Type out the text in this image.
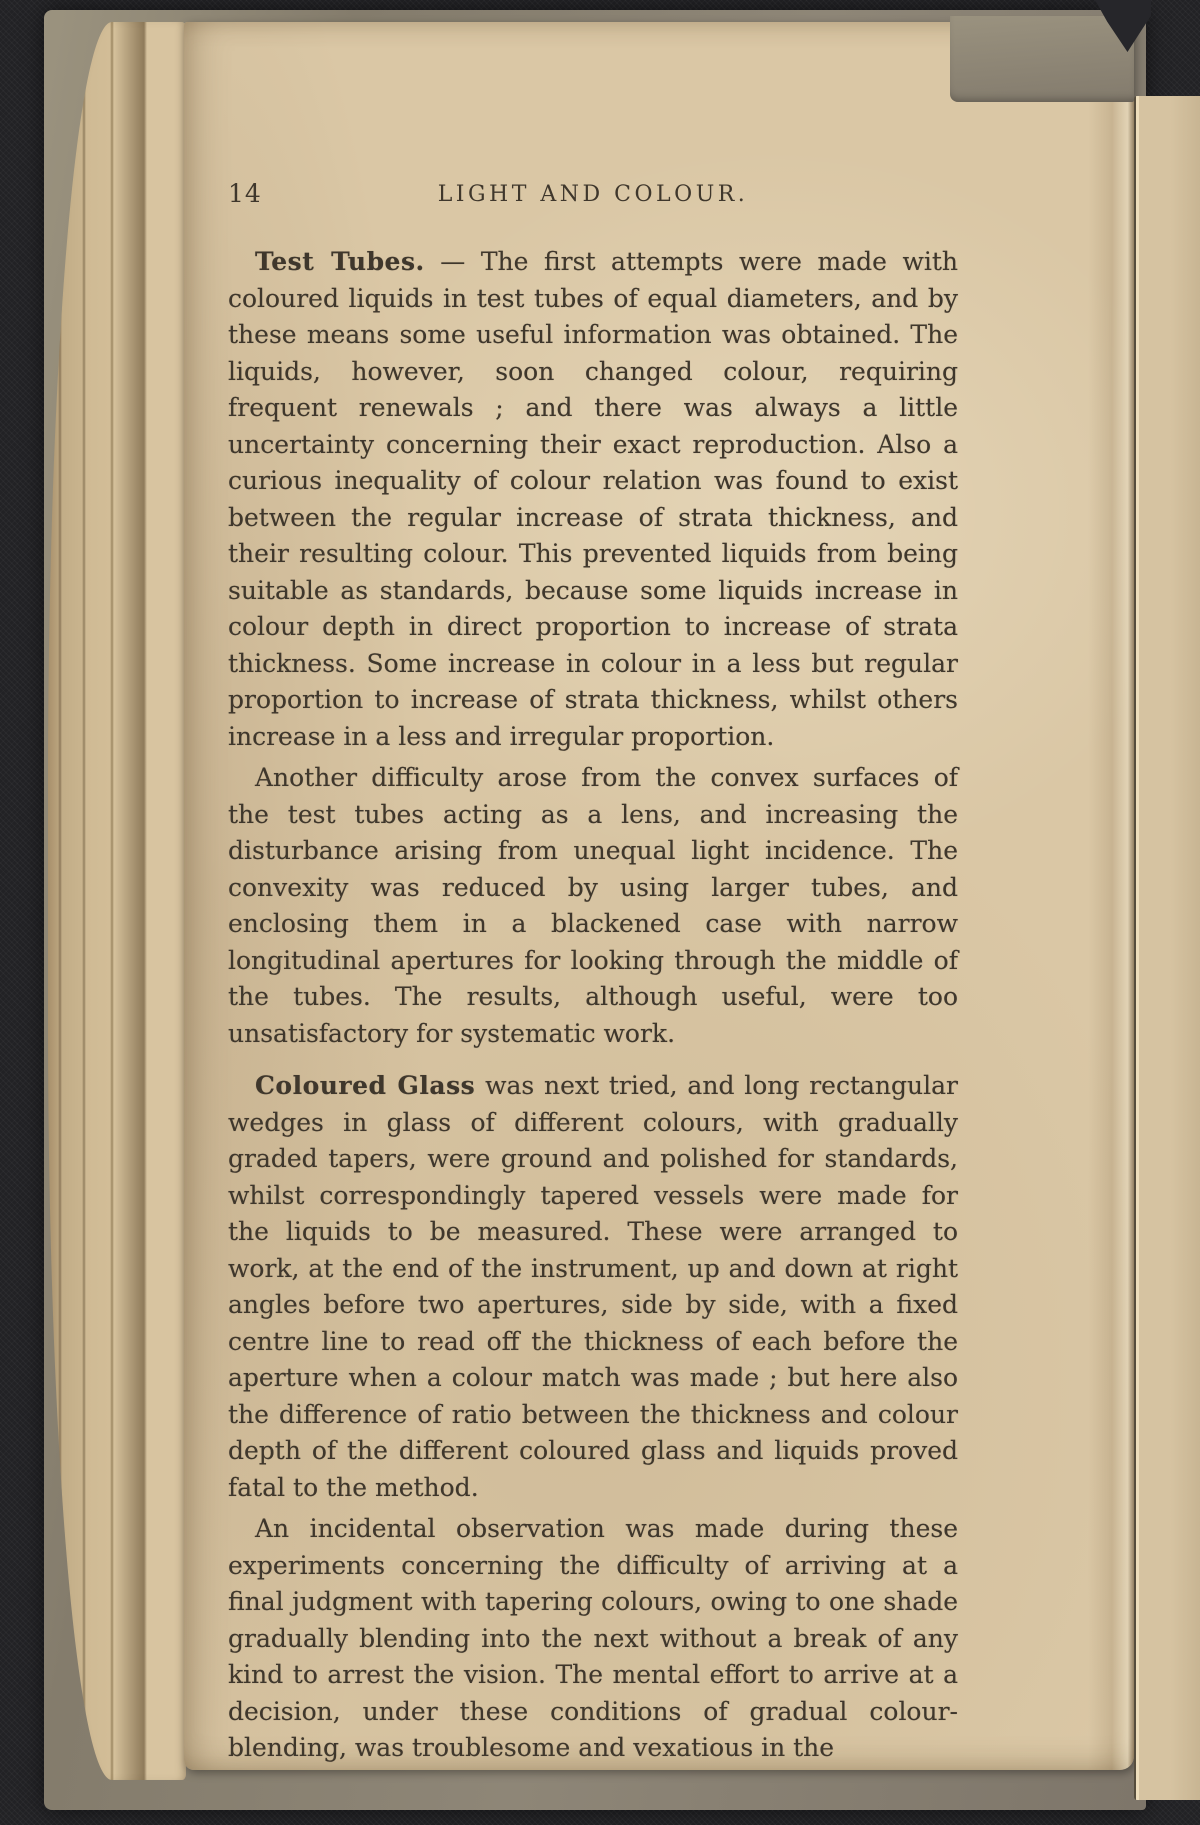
14	LIGHT AND COLOUR.

Test Tubes. — The first attempts were made with coloured liquids in test tubes of equal diameters, and by these means some useful information was obtained. The liquids, however, soon changed colour, requiring frequent renewals ; and there was always a little uncertainty concerning their exact reproduction. Also a curious inequality of colour relation was found to exist between the regular increase of strata thickness, and their resulting colour. This prevented liquids from being suitable as standards, because some liquids increase in colour depth in direct proportion to increase of strata thickness. Some increase in colour in a less but regular proportion to increase of strata thickness, whilst others increase in a less and irregular proportion.

Another difficulty arose from the convex surfaces of the test tubes acting as a lens, and increasing the disturbance arising from unequal light incidence. The convexity was reduced by using larger tubes, and enclosing them in a blackened case with narrow longitudinal apertures for looking through the middle of the tubes. The results, although useful, were too unsatisfactory for systematic work.

Coloured Glass was next tried, and long rectangular wedges in glass of different colours, with gradually graded tapers, were ground and polished for standards, whilst correspondingly tapered vessels were made for the liquids to be measured. These were arranged to work, at the end of the instrument, up and down at right angles before two apertures, side by side, with a fixed centre line to read off the thickness of each before the aperture when a colour match was made ; but here also the difference of ratio between the thickness and colour depth of the different coloured glass and liquids proved fatal to the method.

An incidental observation was made during these experiments concerning the difficulty of arriving at a final judgment with tapering colours, owing to one shade gradually blending into the next without a break of any kind to arrest the vision. The mental effort to arrive at a decision, under these conditions of gradual colour-blending, was troublesome and vexatious in the
